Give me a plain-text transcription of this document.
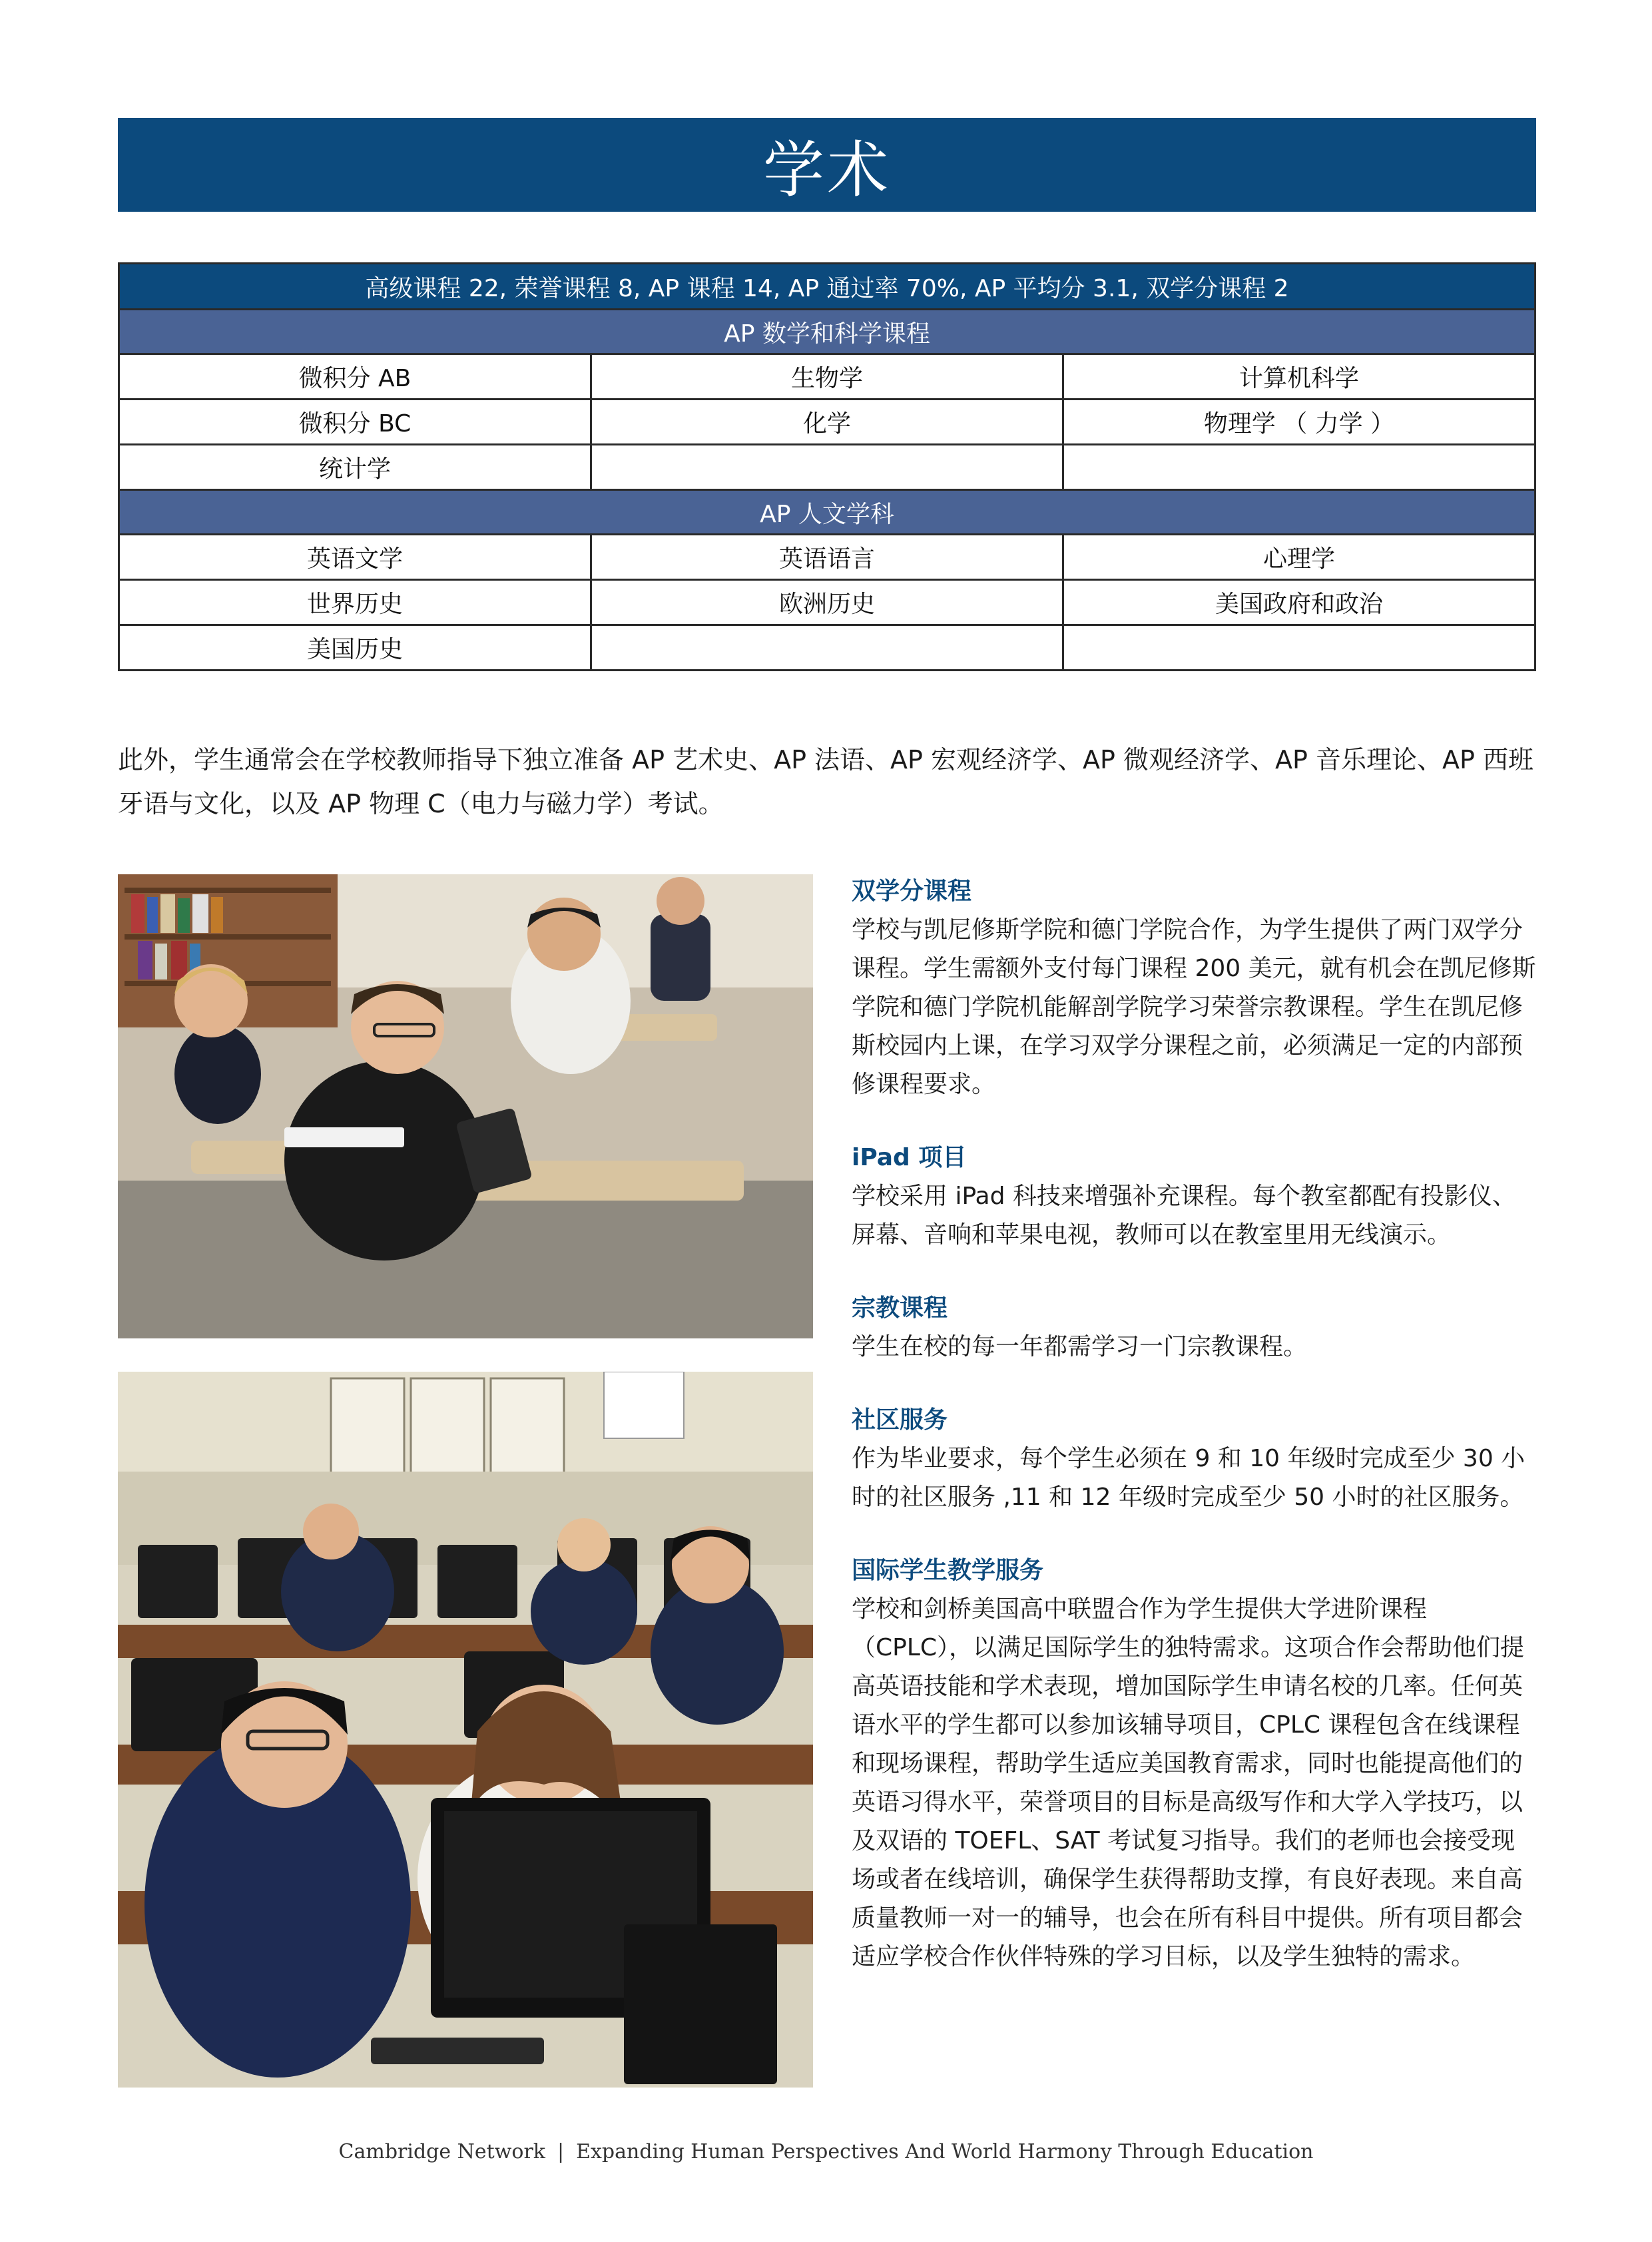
学术
高级课程 22, 荣誉课程 8, AP 课程 14, AP 通过率 70%, AP 平均分 3.1, 双学分课程 2		
AP 数学和科学课程		
微积分 AB	生物学	计算机科学
微积分 BC	化学	物理学 （ 力学 ）
统计学		
AP 人文学科		
英语文学	英语语言	心理学
世界历史	欧洲历史	美国政府和政治
美国历史		

此外，学生通常会在学校教师指导下独立准备 AP 艺术史、AP 法语、AP 宏观经济学、AP 微观经济学、AP 音乐理论、AP 西班牙语与文化，以及 AP 物理 C（电力与磁力学）考试。

双学分课程

学校与凯尼修斯学院和德门学院合作，为学生提供了两门双学分课程。学生需额外支付每门课程 200 美元，就有机会在凯尼修斯学院和德门学院机能解剖学院学习荣誉宗教课程。学生在凯尼修斯校园内上课，在学习双学分课程之前，必须满足一定的内部预修课程要求。

iPad 项目

学校采用 iPad 科技来增强补充课程。每个教室都配有投影仪、屏幕、音响和苹果电视，教师可以在教室里用无线演示。

宗教课程

学生在校的每一年都需学习一门宗教课程。

社区服务

作为毕业要求，每个学生必须在 9 和 10 年级时完成至少 30 小时的社区服务 ,11 和 12 年级时完成至少 50 小时的社区服务。

国际学生教学服务

学校和剑桥美国高中联盟合作为学生提供大学进阶课程（CPLC），以满足国际学生的独特需求。这项合作会帮助他们提高英语技能和学术表现，增加国际学生申请名校的几率。任何英语水平的学生都可以参加该辅导项目，CPLC 课程包含在线课程和现场课程，帮助学生适应美国教育需求，同时也能提高他们的英语习得水平，荣誉项目的目标是高级写作和大学入学技巧，以及双语的 TOEFL、SAT 考试复习指导。我们的老师也会接受现场或者在线培训，确保学生获得帮助支撑，有良好表现。来自高质量教师一对一的辅导，也会在所有科目中提供。所有项目都会适应学校合作伙伴特殊的学习目标，以及学生独特的需求。

Cambridge Network | Expanding Human Perspectives And World Harmony Through Education
